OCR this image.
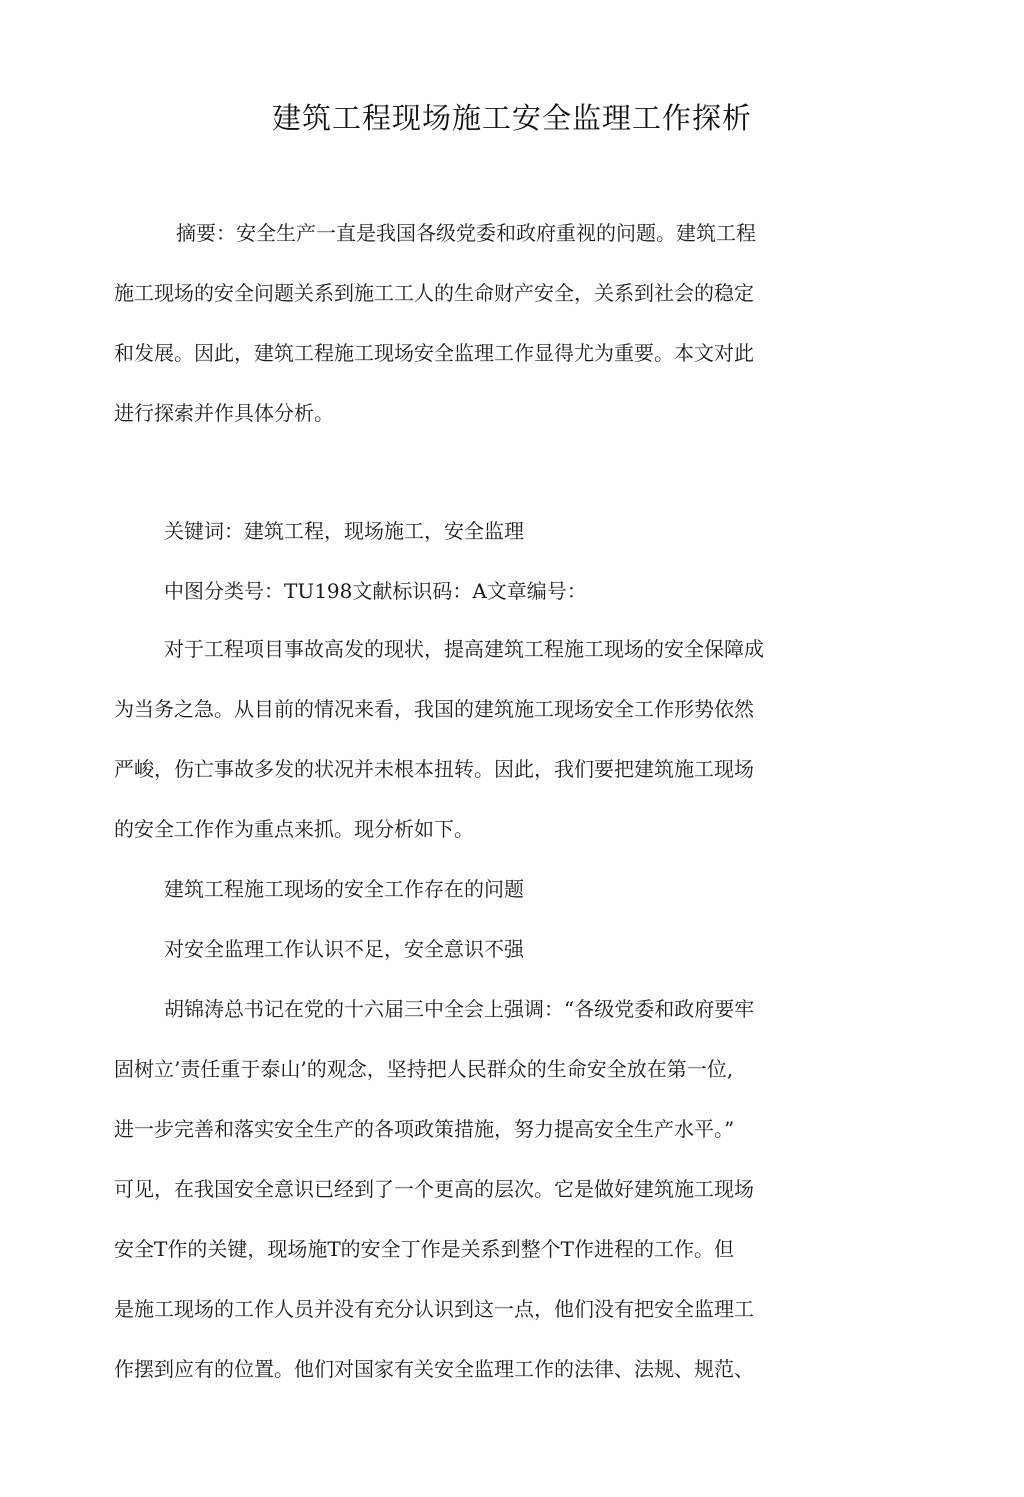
建筑工程现场施工安全监理工作探析
摘要：安全生产一直是我国各级党委和政府重视的问题。建筑工程
施工现场的安全问题关系到施工工人的生命财产安全，关系到社会的稳定
和发展。因此，建筑工程施工现场安全监理工作显得尤为重要。本文对此
进行探索并作具体分析。
关键词：建筑工程，现场施工，安全监理
中图分类号：TU198文献标识码：A文章编号：
对于工程项目事故高发的现状，提高建筑工程施工现场的安全保障成
为当务之急。从目前的情况来看，我国的建筑施工现场安全工作形势依然
严峻，伤亡事故多发的状况并未根本扭转。因此，我们要把建筑施工现场
的安全工作作为重点来抓。现分析如下。
建筑工程施工现场的安全工作存在的问题
对安全监理工作认识不足，安全意识不强
胡锦涛总书记在党的十六届三中全会上强调：“各级党委和政府要牢
固树立’责任重于泰山’的观念，坚持把人民群众的生命安全放在第一位,
进一步完善和落实安全生产的各项政策措施，努力提高安全生产水平。”
可见，在我国安全意识已经到了一个更高的层次。它是做好建筑施工现场
安全T作的关键，现场施T的安全丁作是关系到整个T作进程的工作。但
是施工现场的工作人员并没有充分认识到这一点，他们没有把安全监理工
作摆到应有的位置。他们对国家有关安全监理工作的法律、法规、规范、
